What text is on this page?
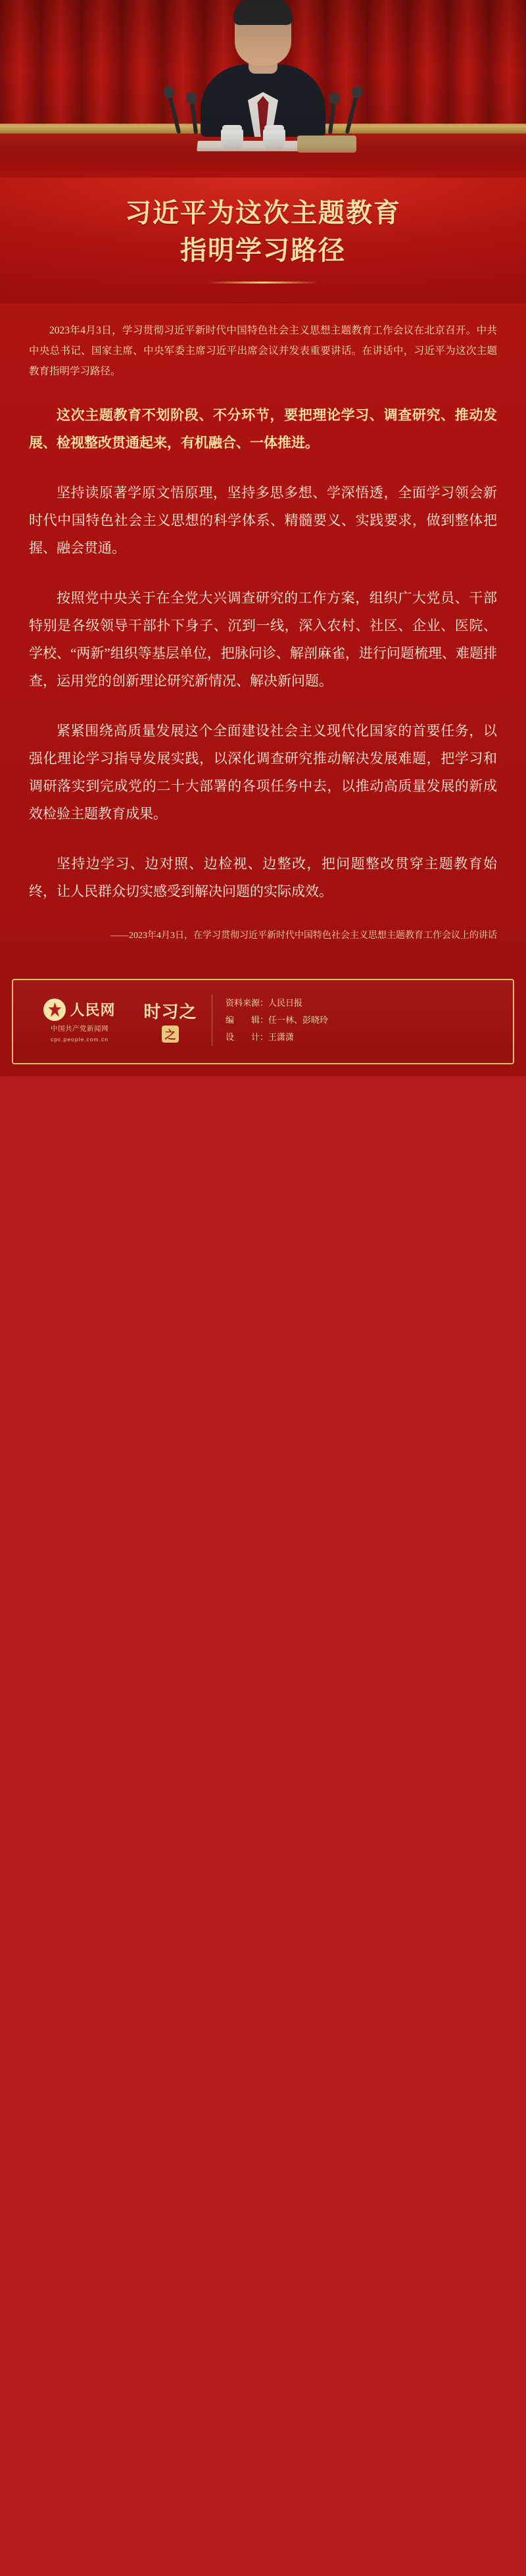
习近平为这次主题教育
指明学习路径

2023年4月3日，学习贯彻习近平新时代中国特色社会主义思想主题教育工作会议在北京召开。中共中央总书记、国家主席、中央军委主席习近平出席会议并发表重要讲话。在讲话中，习近平为这次主题教育指明学习路径。

这次主题教育不划阶段、不分环节，要把理论学习、调查研究、推动发展、检视整改贯通起来，有机融合、一体推进。

坚持读原著学原文悟原理，坚持多思多想、学深悟透，全面学习领会新时代中国特色社会主义思想的科学体系、精髓要义、实践要求，做到整体把握、融会贯通。

按照党中央关于在全党大兴调查研究的工作方案，组织广大党员、干部特别是各级领导干部扑下身子、沉到一线，深入农村、社区、企业、医院、学校、“两新”组织等基层单位，把脉问诊、解剖麻雀，进行问题梳理、难题排查，运用党的创新理论研究新情况、解决新问题。

紧紧围绕高质量发展这个全面建设社会主义现代化国家的首要任务，以强化理论学习指导发展实践，以深化调查研究推动解决发展难题，把学习和调研落实到完成党的二十大部署的各项任务中去，以推动高质量发展的新成效检验主题教育成果。

坚持边学习、边对照、边检视、边整改，把问题整改贯穿主题教育始终，让人民群众切实感受到解决问题的实际成效。

——2023年4月3日，在学习贯彻习近平新时代中国特色社会主义思想主题教育工作会议上的讲话
人民网
中国共产党新闻网
cpc.people.com.cn
时习之
之
资料来源：人民日报
编　　辑：任一林、彭晓玲
设　　计：王潇潇
